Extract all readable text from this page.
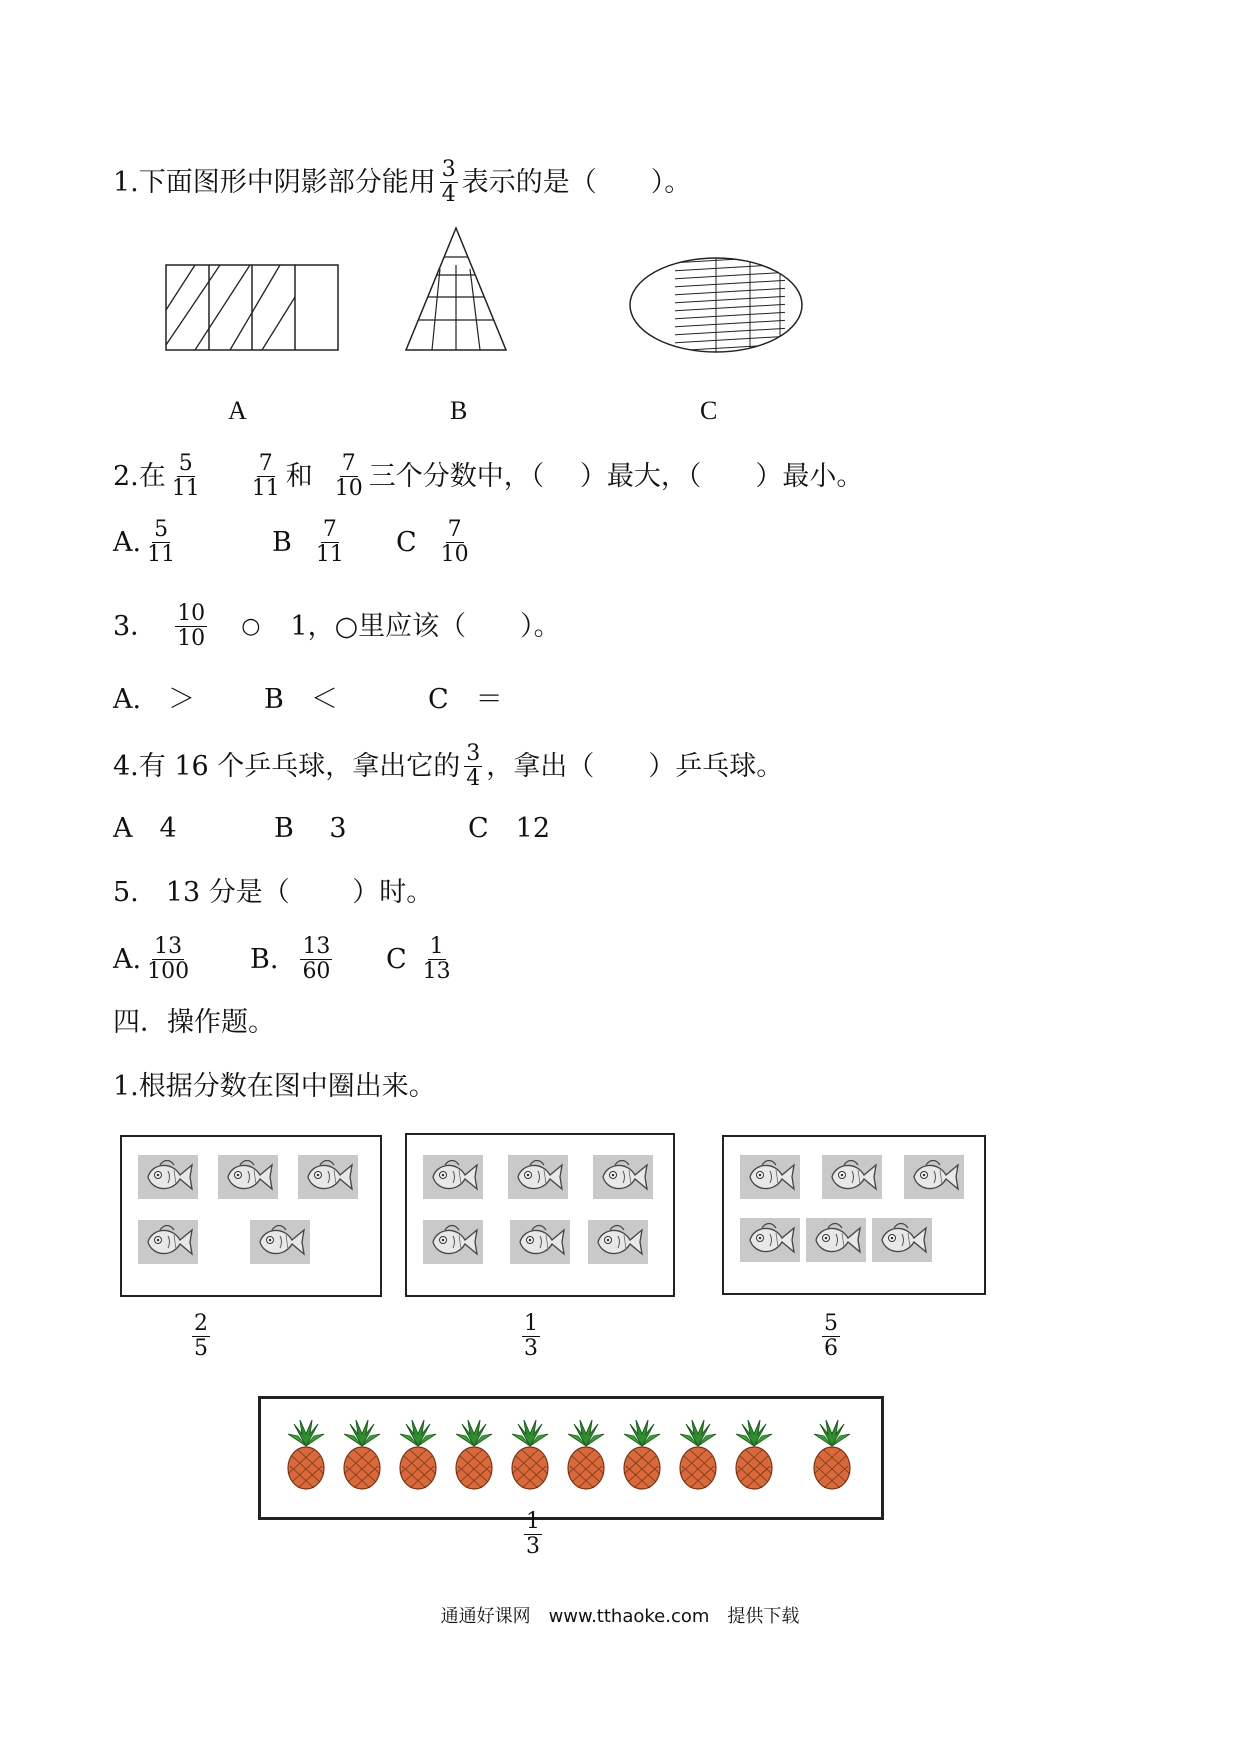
1.下面图形中阴影部分能用 $\frac{3}{4}$ 表示的是（　　）。
A	B	C
2.在 $\frac{5}{11} \frac{7}{11}$ 和 $\frac{7}{10}$ 三个分数中，（　 ）最大，（　　）最小。
A. $\frac{5}{11}$	B $\frac{7}{11}$ C $\frac{7}{10}$
3． $\frac{10}{10}$ ○ 1，○里应该（　　）。
A.　＞	B　＜	C　＝
4.有 16 个乒乓球，拿出它的 $\frac{3}{4}$ ，拿出（　　）乒乓球。
A　4	B　 3	C　12
5.　13 分是（　　 ）时。
A. $\frac{13}{100} B$. $\frac{13}{60}$ C $\frac{1}{13}$
四．操作题。
1.根据分数在图中圈出来。
$\frac{2}{5}$	$\frac{1}{3}$	$\frac{5}{6}$
$\frac{1}{3}$
通通好课网　www.tthaoke.com　提供下载
